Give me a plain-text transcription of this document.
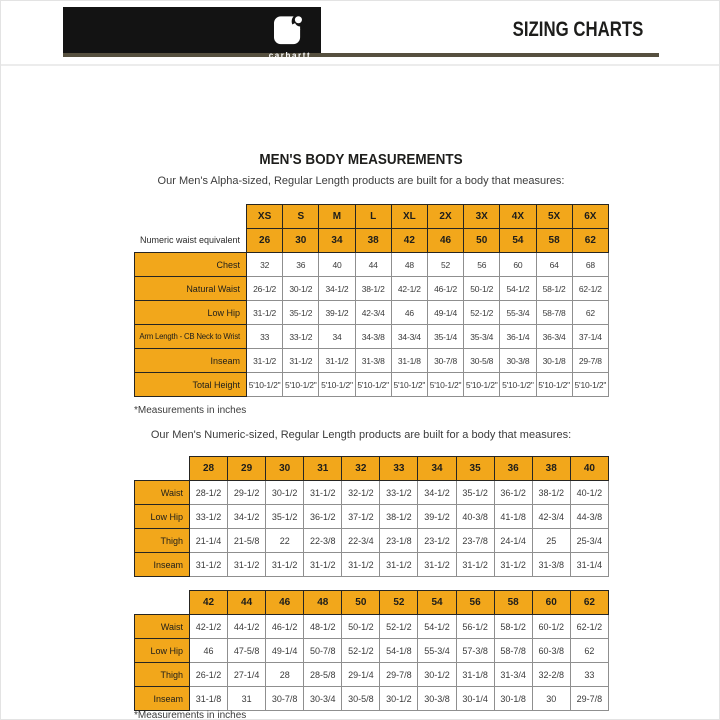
carhartt
SIZING CHARTS
MEN'S BODY MEASUREMENTS
Our Men's Alpha-sized, Regular Length products are built for a body that measures:
	XS	S	M	L	XL	2X	3X	4X	5X	6X
Numeric waist equivalent	26	30	34	38	42	46	50	54	58	62
Chest	32	36	40	44	48	52	56	60	64	68
Natural Waist	26-1/2	30-1/2	34-1/2	38-1/2	42-1/2	46-1/2	50-1/2	54-1/2	58-1/2	62-1/2
Low Hip	31-1/2	35-1/2	39-1/2	42-3/4	46	49-1/4	52-1/2	55-3/4	58-7/8	62
Arm Length - CB Neck to Wrist	33	33-1/2	34	34-3/8	34-3/4	35-1/4	35-3/4	36-1/4	36-3/4	37-1/4
Inseam	31-1/2	31-1/2	31-1/2	31-3/8	31-1/8	30-7/8	30-5/8	30-3/8	30-1/8	29-7/8
Total Height	5'10-1/2"	5'10-1/2"	5'10-1/2"	5'10-1/2"	5'10-1/2"	5'10-1/2"	5'10-1/2"	5'10-1/2"	5'10-1/2"	5'10-1/2"
*Measurements in inches
Our Men's Numeric-sized, Regular Length products are built for a body that measures:
	28	29	30	31	32	33	34	35	36	38	40
Waist	28-1/2	29-1/2	30-1/2	31-1/2	32-1/2	33-1/2	34-1/2	35-1/2	36-1/2	38-1/2	40-1/2
Low Hip	33-1/2	34-1/2	35-1/2	36-1/2	37-1/2	38-1/2	39-1/2	40-3/8	41-1/8	42-3/4	44-3/8
Thigh	21-1/4	21-5/8	22	22-3/8	22-3/4	23-1/8	23-1/2	23-7/8	24-1/4	25	25-3/4
Inseam	31-1/2	31-1/2	31-1/2	31-1/2	31-1/2	31-1/2	31-1/2	31-1/2	31-1/2	31-3/8	31-1/4
	42	44	46	48	50	52	54	56	58	60	62
Waist	42-1/2	44-1/2	46-1/2	48-1/2	50-1/2	52-1/2	54-1/2	56-1/2	58-1/2	60-1/2	62-1/2
Low Hip	46	47-5/8	49-1/4	50-7/8	52-1/2	54-1/8	55-3/4	57-3/8	58-7/8	60-3/8	62
Thigh	26-1/2	27-1/4	28	28-5/8	29-1/4	29-7/8	30-1/2	31-1/8	31-3/4	32-2/8	33
Inseam	31-1/8	31	30-7/8	30-3/4	30-5/8	30-1/2	30-3/8	30-1/4	30-1/8	30	29-7/8
*Measurements in inches
